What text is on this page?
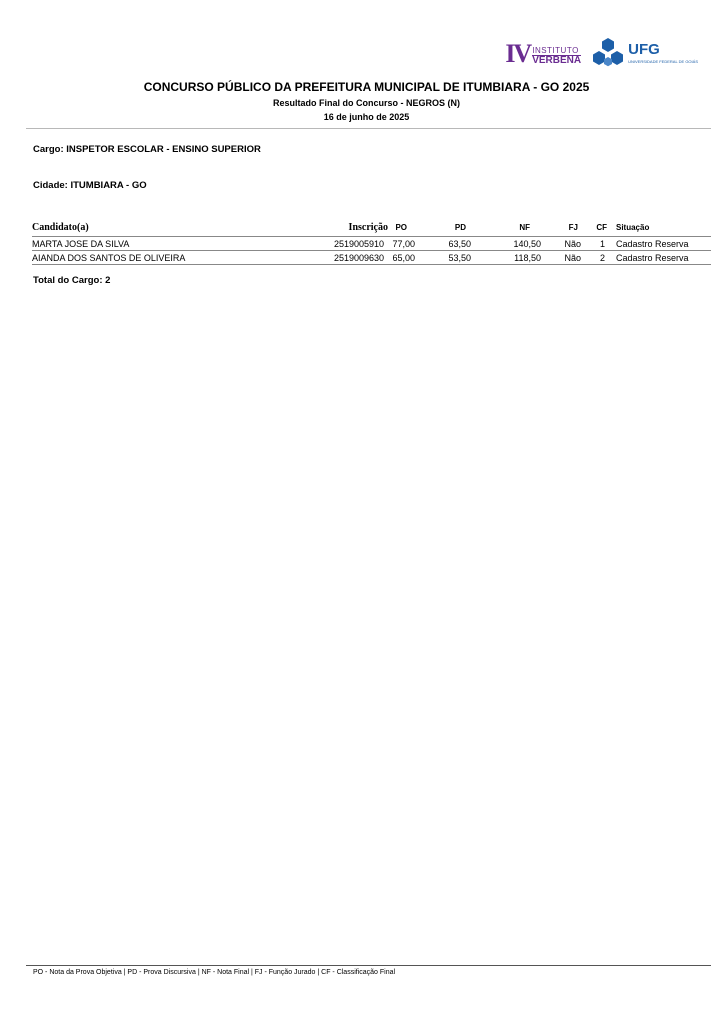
IV INSTITUTO
VERBENA
UFG
UNIVERSIDADE FEDERAL DE GOIÁS
CONCURSO PÚBLICO DA PREFEITURA MUNICIPAL DE ITUMBIARA - GO 2025
Resultado Final do Concurso - NEGROS (N)
16 de junho de 2025
Cargo: INSPETOR ESCOLAR - ENSINO SUPERIOR
Cidade: ITUMBIARA - GO
Candidato(a)	Inscrição PO	PD	NF	FJ CF Situação
MARTA JOSE DA SILVA	2519005910 77,00	63,50	140,50	Não 1 Cadastro Reserva
AIANDA DOS SANTOS DE OLIVEIRA	2519009630 65,00	53,50	118,50	Não 2 Cadastro Reserva
Total do Cargo: 2
PO - Nota da Prova Objetiva | PD - Prova Discursiva | NF - Nota Final | FJ - Função Jurado | CF - Classificação Final
